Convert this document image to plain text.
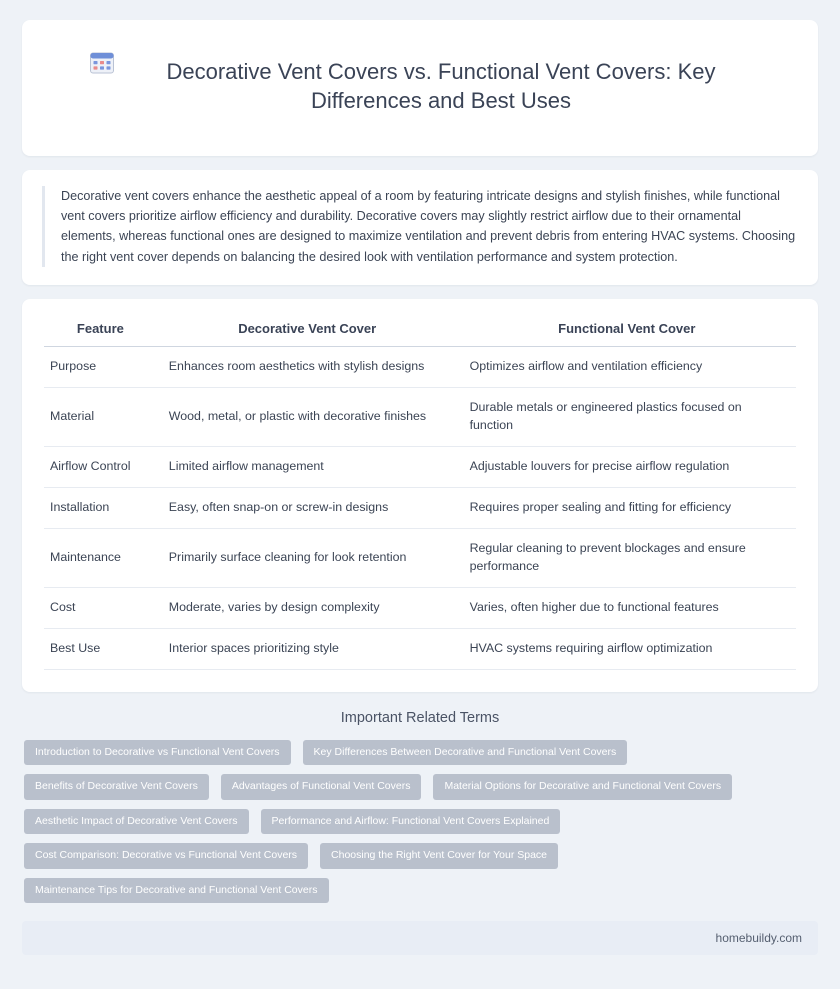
Decorative Vent Covers vs. Functional Vent Covers: Key Differences and Best Uses

Decorative vent covers enhance the aesthetic appeal of a room by featuring intricate designs and stylish finishes, while functional vent covers prioritize airflow efficiency and durability. Decorative covers may slightly restrict airflow due to their ornamental elements, whereas functional ones are designed to maximize ventilation and prevent debris from entering HVAC systems. Choosing the right vent cover depends on balancing the desired look with ventilation performance and system protection.

Feature	Decorative Vent Cover	Functional Vent Cover
Purpose	Enhances room aesthetics with stylish designs	Optimizes airflow and ventilation efficiency
Material	Wood, metal, or plastic with decorative finishes	Durable metals or engineered plastics focused on function
Airflow Control	Limited airflow management	Adjustable louvers for precise airflow regulation
Installation	Easy, often snap-on or screw-in designs	Requires proper sealing and fitting for efficiency
Maintenance	Primarily surface cleaning for look retention	Regular cleaning to prevent blockages and ensure performance
Cost	Moderate, varies by design complexity	Varies, often higher due to functional features
Best Use	Interior spaces prioritizing style	HVAC systems requiring airflow optimization
Important Related Terms
Introduction to Decorative vs Functional Vent Covers	Key Differences Between Decorative and Functional Vent Covers
Benefits of Decorative Vent Covers	Advantages of Functional Vent Covers	Material Options for Decorative and Functional Vent Covers
Aesthetic Impact of Decorative Vent Covers	Performance and Airflow: Functional Vent Covers Explained
Cost Comparison: Decorative vs Functional Vent Covers	Choosing the Right Vent Cover for Your Space
Maintenance Tips for Decorative and Functional Vent Covers
homebuildy.com
